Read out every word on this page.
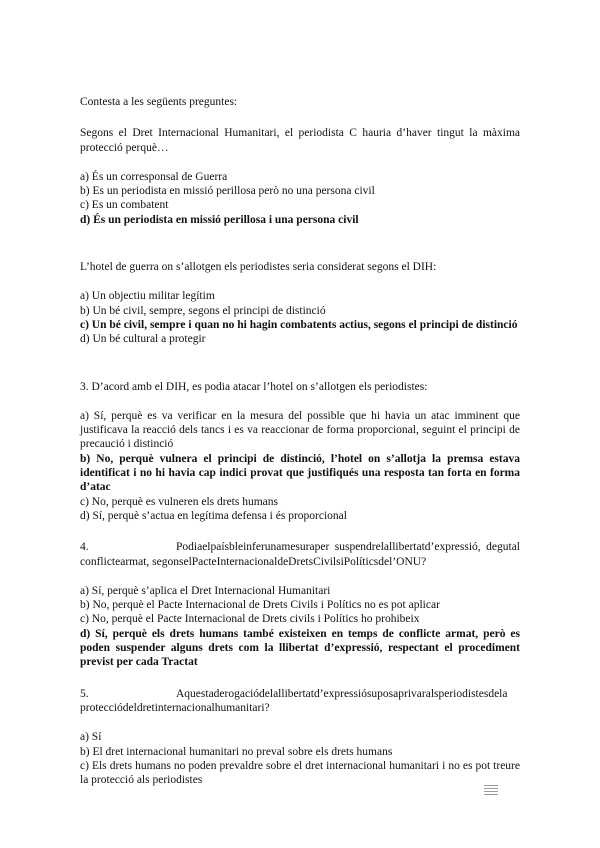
Contesta a les següents preguntes:

Segons el Dret Internacional Humanitari, el periodista C hauria d’haver tingut la màxima protecció perquè…

a) És un corresponsal de Guerra

b) Es un periodista en missió perillosa però no una persona civil

c) Es un combatent

d) És un periodista en missió perillosa i una persona civil

L’hotel de guerra on s’allotgen els periodistes seria considerat segons el DIH:

a) Un objectiu militar legítim

b) Un bé civil, sempre, segons el principi de distinció

c) Un bé civil, sempre i quan no hi hagin combatents actius, segons el principi de distinció

d) Un bé cultural a protegir

3. D’acord amb el DIH, es podia atacar l’hotel on s’allotgen els periodistes:

a) Sí, perquè es va verificar en la mesura del possible que hi havia un atac imminent que justificava la reacció dels tancs i es va reaccionar de forma proporcional, seguint el principi de precaució i distinció

b) No, perquè vulnera el principi de distinció, l’hotel on s’allotja la premsa estava identificat i no hi havia cap indici provat que justifiqués una resposta tan forta en forma d’atac

c) No, perquè es vulneren els drets humans

d) Sí, perquè s’actua en legítima defensa i és proporcional

4.	Podiaelpaísbleinferunamesuraper suspendrelallibertatd’expressió, degutal conflictearmat, segonselPacteInternacionaldeDretsCivilsiPolíticsdel’ONU?

a) Sí, perquè s’aplica el Dret Internacional Humanitari

b) No, perquè el Pacte Internacional de Drets Civils i Polítics no es pot aplicar

c) No, perquè el Pacte Internacional de Drets civils i Polítics ho prohibeix

d) Sí, perquè els drets humans també existeixen en temps de conflicte armat, però es poden suspender alguns drets com la llibertat d’expressió, respectant el procediment previst per cada Tractat

5.	Aquestaderogaciódelallibertatd’expressiósuposaprivaralsperiodistesdela protecciódeldretinternacionalhumanitari?

a) Sí

b) El dret internacional humanitari no preval sobre els drets humans

c) Els drets humans no poden prevaldre sobre el dret internacional humanitari i no es pot treure la protecció als periodistes
